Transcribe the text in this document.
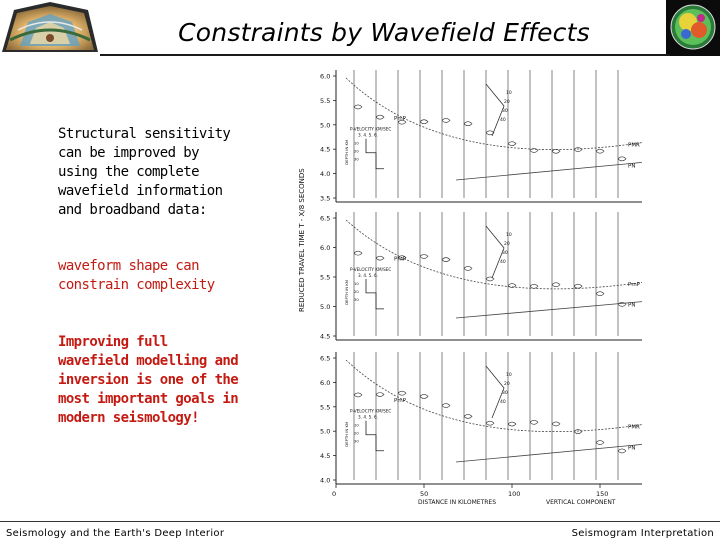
Constraints by Wavefield Effects
Structural sensitivity can be improved by using the complete wavefield information and broadband data:
waveform shape can constrain complexity
Improving full wavefield modelling and inversion is one of the most important goals in modern seismology!
REDUCED TRAVEL TIME T - X/8 SECONDS
6.0
5.5
5.0
4.5
4.0
3.5
PmP
PMR
PN
10
20
30
40
P-VELOCITY KM/SEC
3. 4. 5. 6.
DEPTH IN KM 10
20
30
6.5
6.0
5.5
5.0
4.5
PmP
PmP
PN
10
20
30
40
P-VELOCITY KM/SEC
3. 4. 5. 6.
DEPTH IN KM 10
20
30
6.5
6.0
5.5
5.0
4.5
4.0
PmP
PMR
PN
10
20
30
40
P-VELOCITY KM/SEC
3. 4. 5. 6.
DEPTH IN KM 10
20
30
0	50	100	150
DISTANCE IN KILOMETRES	VERTICAL COMPONENT
Seismology and the Earth's Deep Interior	Seismogram Interpretation
